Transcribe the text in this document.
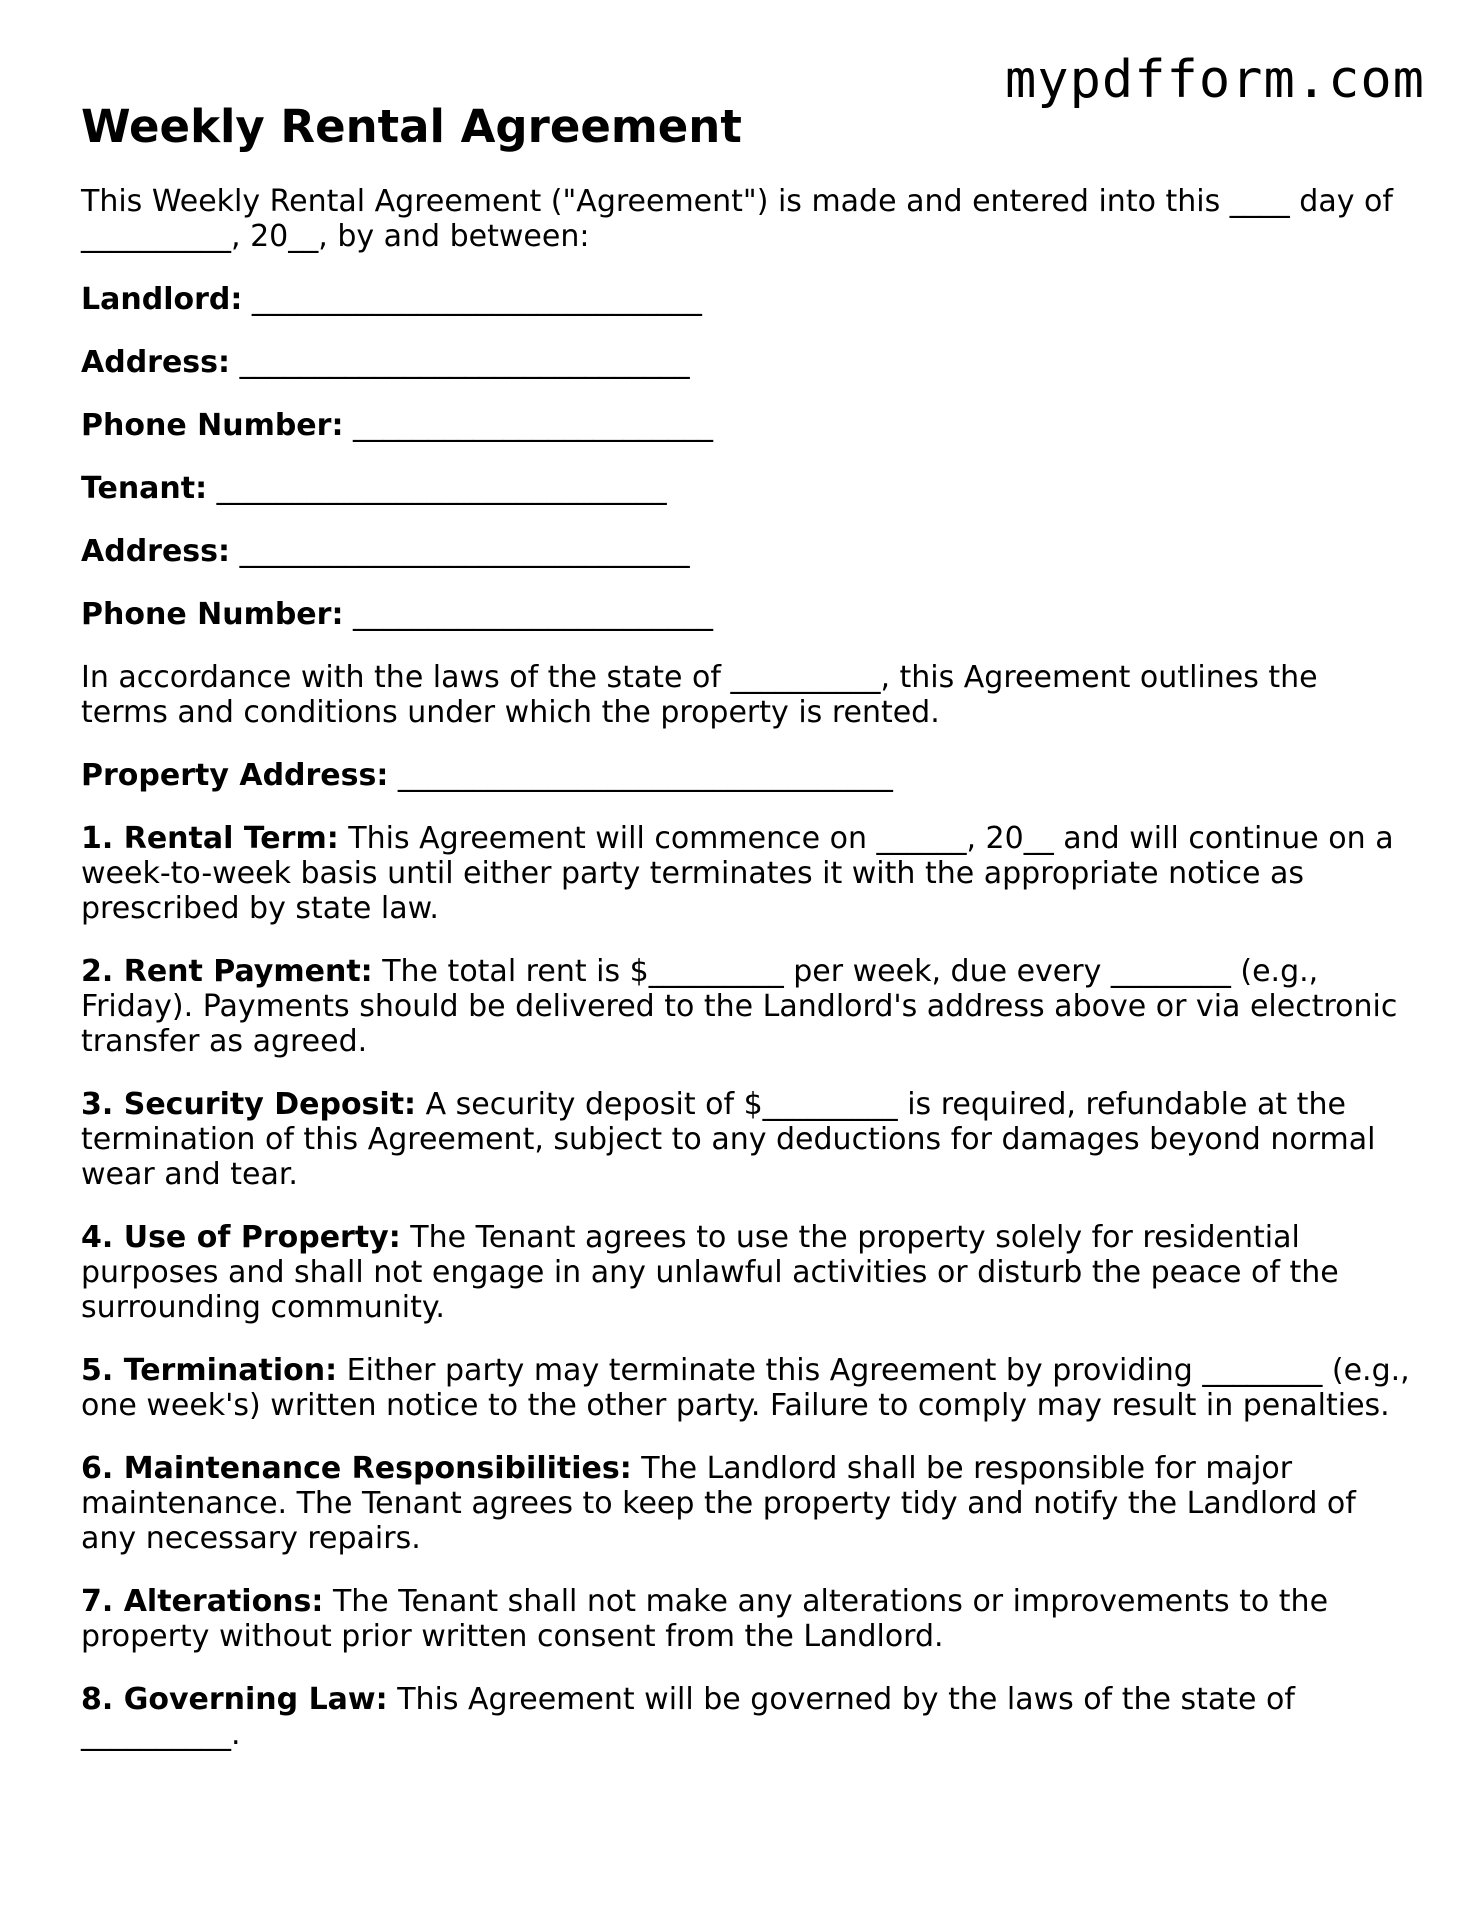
mypdfform.com
Weekly Rental Agreement

This Weekly Rental Agreement ("Agreement") is made and entered into this ____ day of __________, 20__, by and between:

Landlord: ______________________________

Address: ______________________________

Phone Number: ________________________

Tenant: ______________________________

Address: ______________________________

Phone Number: ________________________

In accordance with the laws of the state of __________, this Agreement outlines the terms and conditions under which the property is rented.

Property Address: _________________________________

1. Rental Term: This Agreement will commence on ______, 20__ and will continue on a week-to-week basis until either party terminates it with the appropriate notice as prescribed by state law.

2. Rent Payment: The total rent is $_________ per week, due every ________ (e.g., Friday). Payments should be delivered to the Landlord's address above or via electronic transfer as agreed.

3. Security Deposit: A security deposit of $_________ is required, refundable at the termination of this Agreement, subject to any deductions for damages beyond normal wear and tear.

4. Use of Property: The Tenant agrees to use the property solely for residential purposes and shall not engage in any unlawful activities or disturb the peace of the surrounding community.

5. Termination: Either party may terminate this Agreement by providing ________ (e.g., one week's) written notice to the other party. Failure to comply may result in penalties.

6. Maintenance Responsibilities: The Landlord shall be responsible for major maintenance. The Tenant agrees to keep the property tidy and notify the Landlord of any necessary repairs.

7. Alterations: The Tenant shall not make any alterations or improvements to the property without prior written consent from the Landlord.

8. Governing Law: This Agreement will be governed by the laws of the state of __________.
